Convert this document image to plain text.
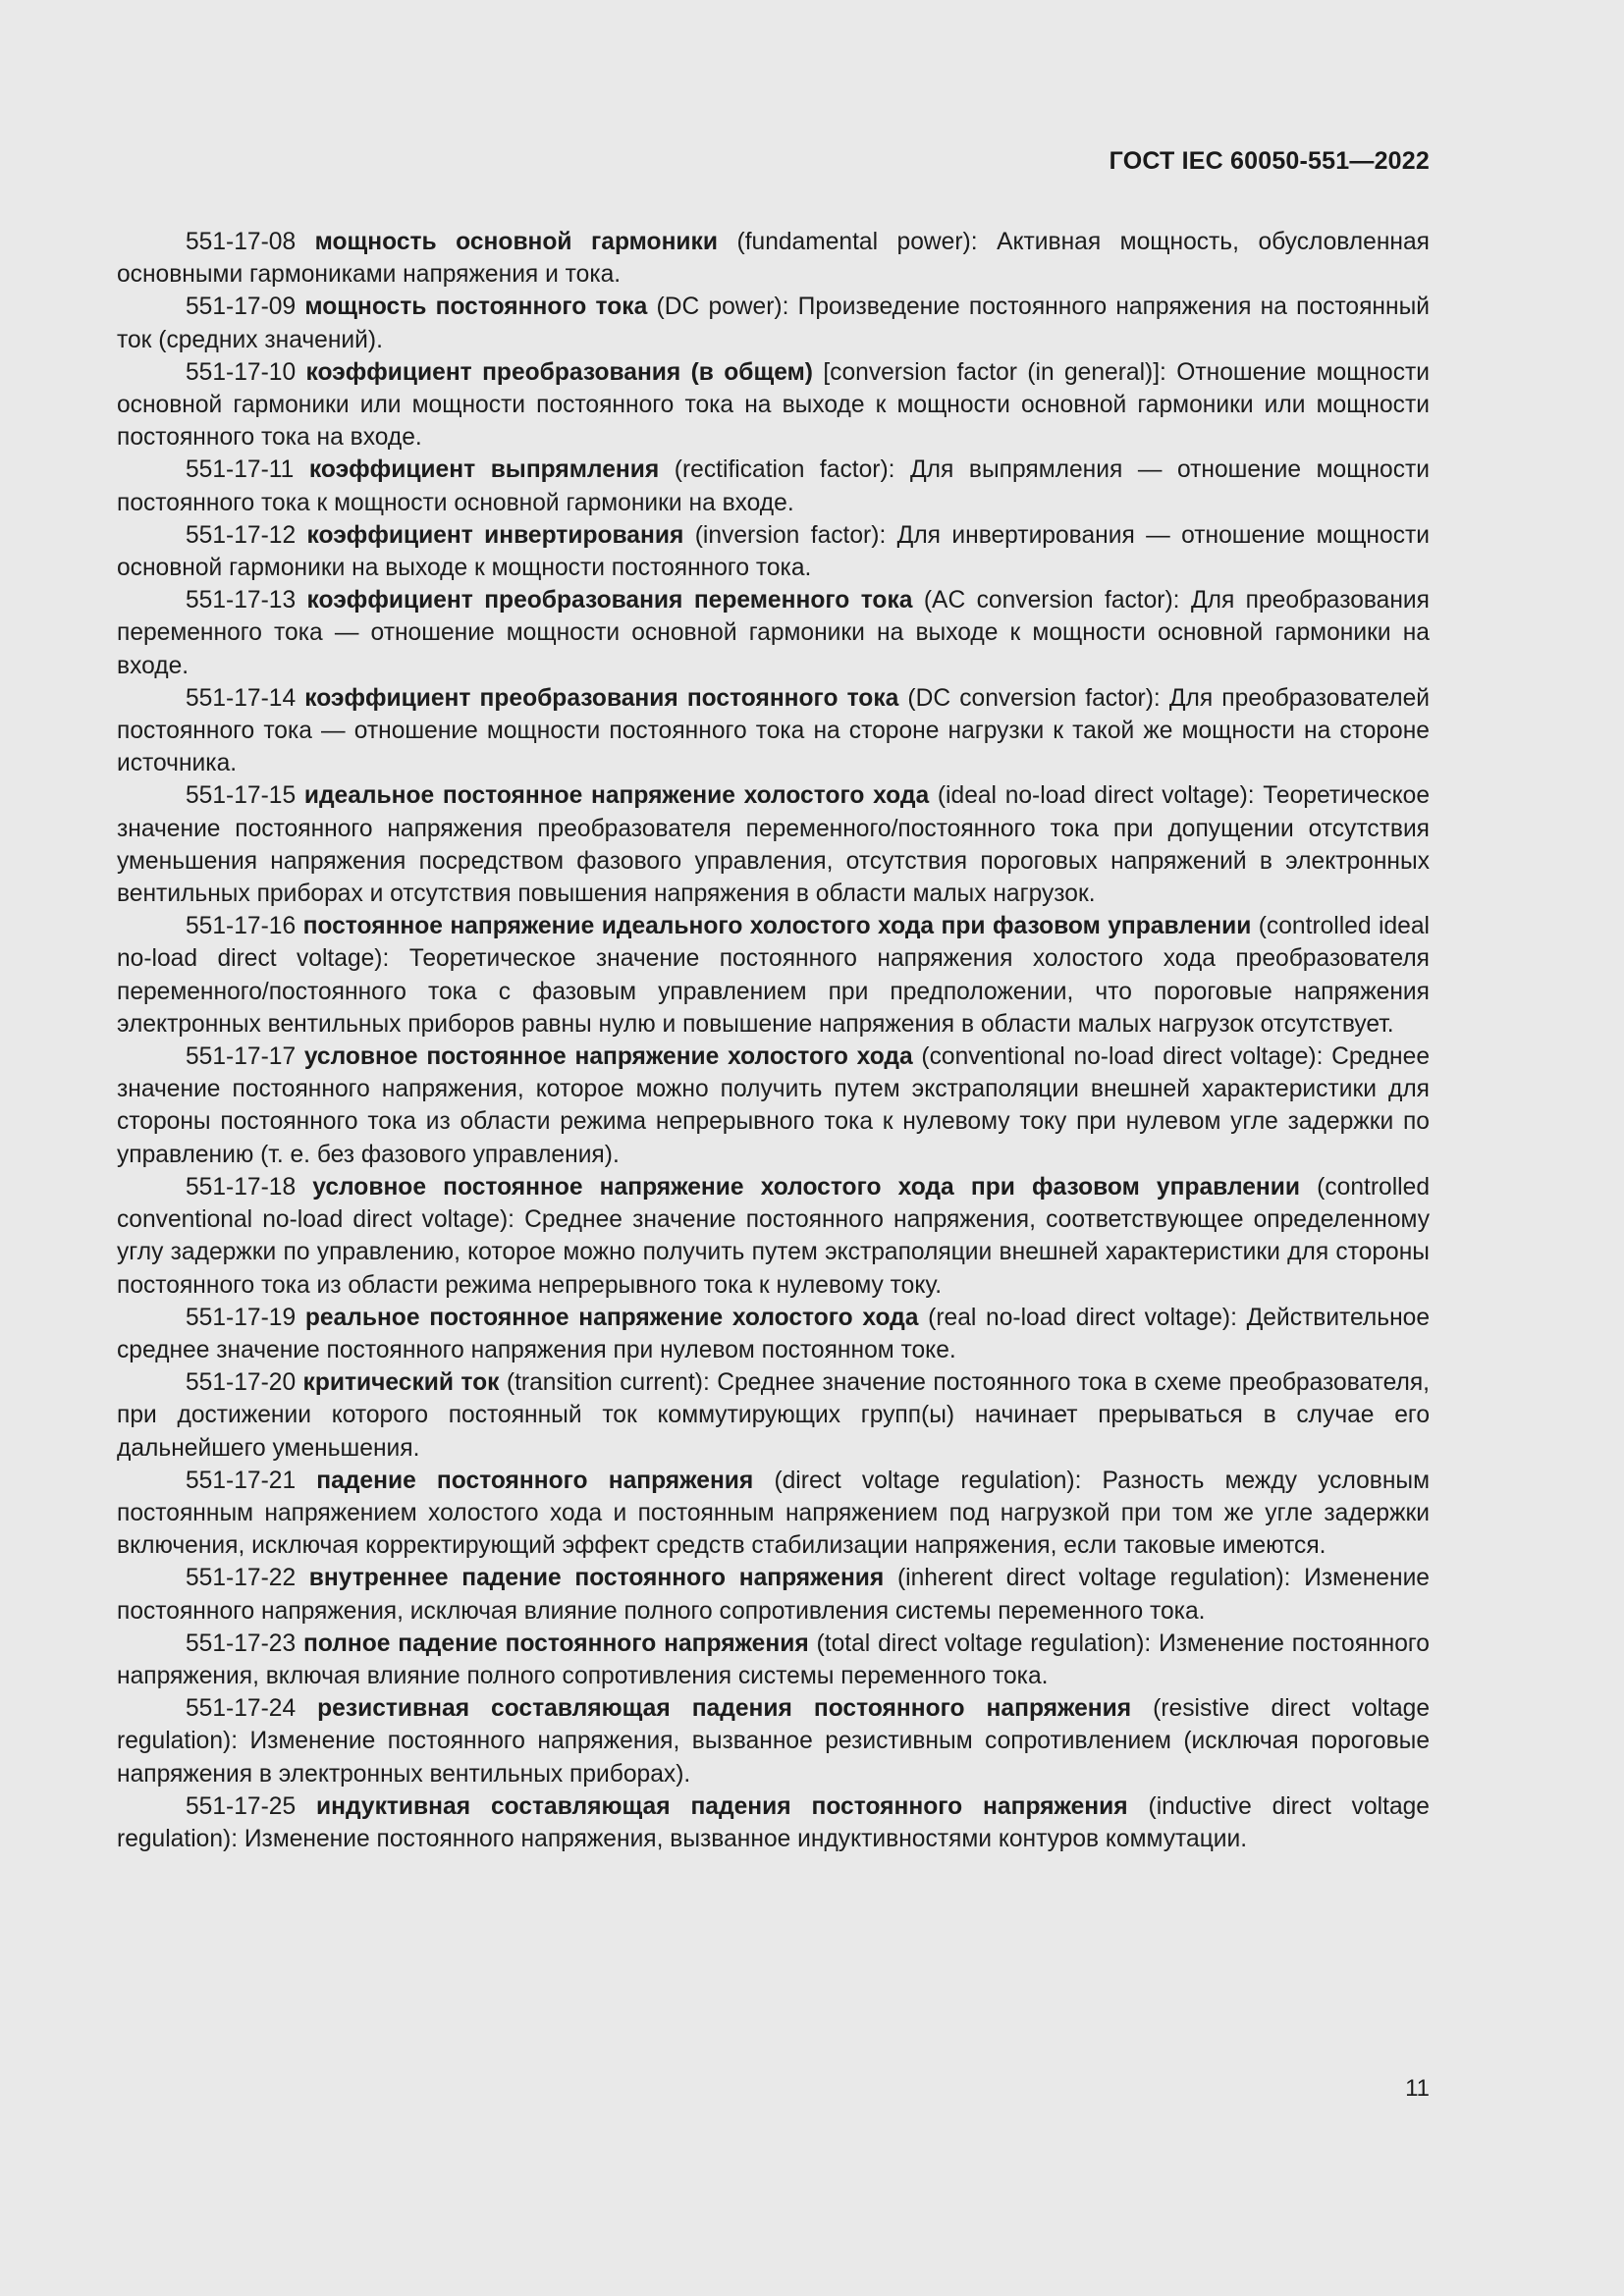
ГОСТ IEC 60050-551—2022

551-17-08 мощность основной гармоники (fundamental power): Активная мощность, обусловленная основными гармониками напряжения и тока.

551-17-09 мощность постоянного тока (DC power): Произведение постоянного напряжения на постоянный ток (средних значений).

551-17-10 коэффициент преобразования (в общем) [conversion factor (in general)]: Отношение мощности основной гармоники или мощности постоянного тока на выходе к мощности основной гармоники или мощности постоянного тока на входе.

551-17-11 коэффициент выпрямления (rectification factor): Для выпрямления — отношение мощности постоянного тока к мощности основной гармоники на входе.

551-17-12 коэффициент инвертирования (inversion factor): Для инвертирования — отношение мощности основной гармоники на выходе к мощности постоянного тока.

551-17-13 коэффициент преобразования переменного тока (AC conversion factor): Для преобразования переменного тока — отношение мощности основной гармоники на выходе к мощности основной гармоники на входе.

551-17-14 коэффициент преобразования постоянного тока (DC conversion factor): Для преобразователей постоянного тока — отношение мощности постоянного тока на стороне нагрузки к такой же мощности на стороне источника.

551-17-15 идеальное постоянное напряжение холостого хода (ideal no-load direct voltage): Теоретическое значение постоянного напряжения преобразователя переменного/постоянного тока при допущении отсутствия уменьшения напряжения посредством фазового управления, отсутствия пороговых напряжений в электронных вентильных приборах и отсутствия повышения напряжения в области малых нагрузок.

551-17-16 постоянное напряжение идеального холостого хода при фазовом управлении (controlled ideal no-load direct voltage): Теоретическое значение постоянного напряжения холостого хода преобразователя переменного/постоянного тока с фазовым управлением при предположении, что пороговые напряжения электронных вентильных приборов равны нулю и повышение напряжения в области малых нагрузок отсутствует.

551-17-17 условное постоянное напряжение холостого хода (conventional no-load direct voltage): Среднее значение постоянного напряжения, которое можно получить путем экстраполяции внешней характеристики для стороны постоянного тока из области режима непрерывного тока к нулевому току при нулевом угле задержки по управлению (т. е. без фазового управления).

551-17-18 условное постоянное напряжение холостого хода при фазовом управлении (controlled conventional no-load direct voltage): Среднее значение постоянного напряжения, соответствующее определенному углу задержки по управлению, которое можно получить путем экстраполяции внешней характеристики для стороны постоянного тока из области режима непрерывного тока к нулевому току.

551-17-19 реальное постоянное напряжение холостого хода (real no-load direct voltage): Действительное среднее значение постоянного напряжения при нулевом постоянном токе.

551-17-20 критический ток (transition current): Среднее значение постоянного тока в схеме преобразователя, при достижении которого постоянный ток коммутирующих групп(ы) начинает прерываться в случае его дальнейшего уменьшения.

551-17-21 падение постоянного напряжения (direct voltage regulation): Разность между условным постоянным напряжением холостого хода и постоянным напряжением под нагрузкой при том же угле задержки включения, исключая корректирующий эффект средств стабилизации напряжения, если таковые имеются.

551-17-22 внутреннее падение постоянного напряжения (inherent direct voltage regulation): Изменение постоянного напряжения, исключая влияние полного сопротивления системы переменного тока.

551-17-23 полное падение постоянного напряжения (total direct voltage regulation): Изменение постоянного напряжения, включая влияние полного сопротивления системы переменного тока.

551-17-24 резистивная составляющая падения постоянного напряжения (resistive direct voltage regulation): Изменение постоянного напряжения, вызванное резистивным сопротивлением (исключая пороговые напряжения в электронных вентильных приборах).

551-17-25 индуктивная составляющая падения постоянного напряжения (inductive direct voltage regulation): Изменение постоянного напряжения, вызванное индуктивностями контуров коммутации.

11
